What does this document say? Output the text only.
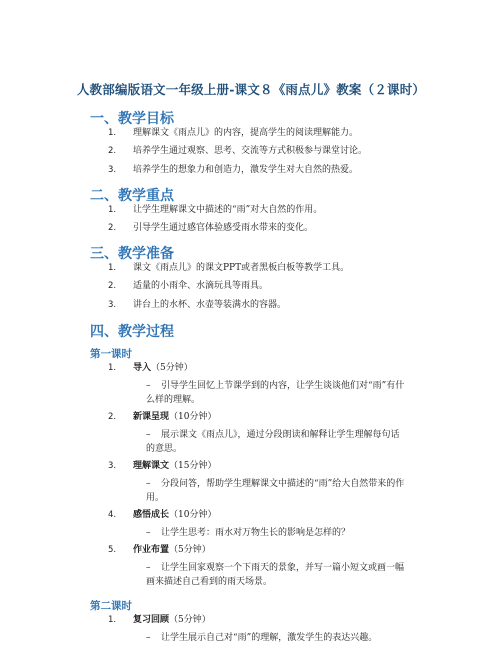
人教部编版语文一年级上册-课文８《雨点儿》教案（２课时）
一、教学目标
1. 理解课文《雨点儿》的内容，提高学生的阅读理解能力。
2. 培养学生通过观察、思考、交流等方式积极参与课堂讨论。
3. 培养学生的想象力和创造力，激发学生对大自然的热爱。
二、教学重点
1. 让学生理解课文中描述的“雨”对大自然的作用。
2. 引导学生通过感官体验感受雨水带来的变化。
三、教学准备
1. 课文《雨点儿》的课文PPT或者黑板白板等教学工具。
2. 适量的小雨伞、水滴玩具等雨具。
3. 讲台上的水杯、水壶等装满水的容器。
四、教学过程
第一课时
1. 导入（5分钟）
–	引导学生回忆上节课学到的内容，让学生谈谈他们对“雨”有什么样的理解。
2. 新课呈现（10分钟）
–	展示课文《雨点儿》，通过分段朗读和解释让学生理解每句话的意思。
3. 理解课文（15分钟）
–	分段问答，帮助学生理解课文中描述的“雨”给大自然带来的作用。
4. 感悟成长（10分钟）
–	让学生思考：雨水对万物生长的影响是怎样的？
5. 作业布置（5分钟）
–	让学生回家观察一个下雨天的景象，并写一篇小短文或画一幅画来描述自己看到的雨天场景。
第二课时
1. 复习回顾（5分钟）
–	让学生展示自己对“雨”的理解，激发学生的表达兴趣。
